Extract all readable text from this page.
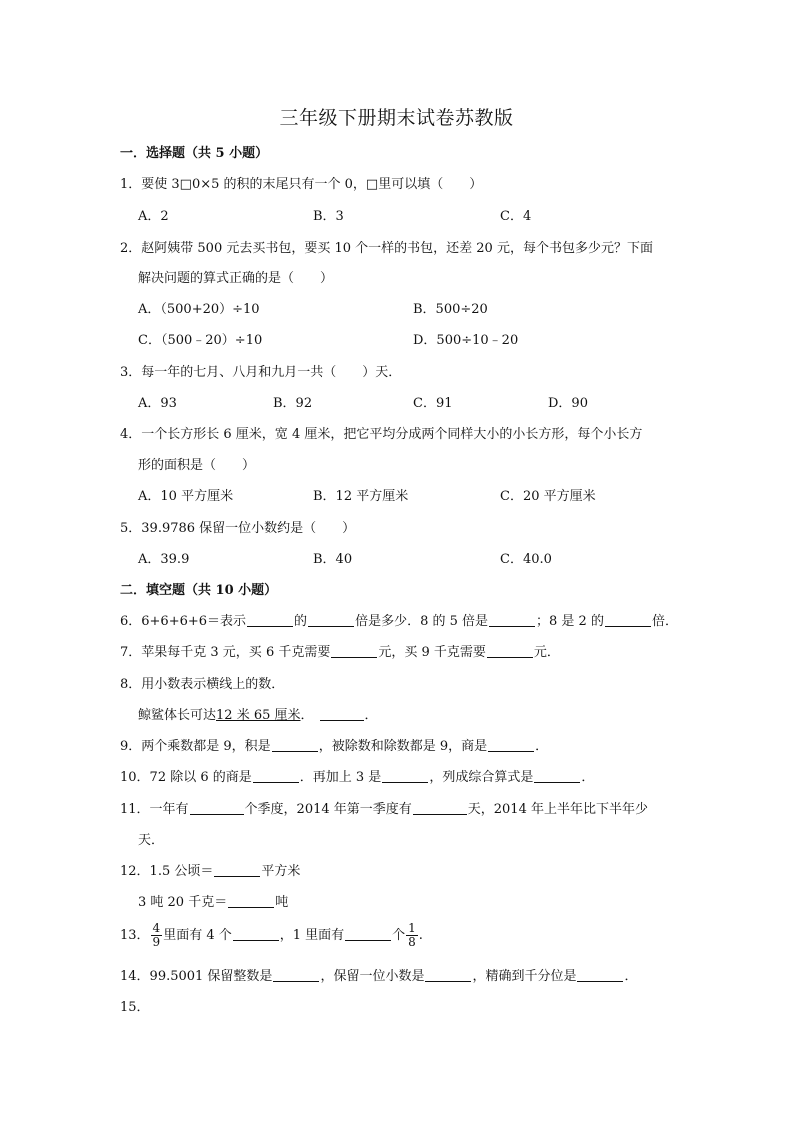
三年级下册期末试卷苏教版
一．选择题（共 5 小题）
1．要使 3□0×5 的积的末尾只有一个 0，□里可以填（　　）
A．2	B．3	C．4
2．赵阿姨带 500 元去买书包，要买 10 个一样的书包，还差 20 元，每个书包多少元？下面
解决问题的算式正确的是（　　）
A．（500+20）÷10	B．500÷20
C．（500﹣20）÷10	D．500÷10﹣20
3．每一年的七月、八月和九月一共（　　）天．
A．93	B．92	C．91	D．90
4．一个长方形长 6 厘米，宽 4 厘米，把它平均分成两个同样大小的小长方形，每个小长方
形的面积是（　　）
A．10 平方厘米	B．12 平方厘米	C．20 平方厘米
5．39.9786 保留一位小数约是（　　）
A．39.9	B．40	C．40.0
二．填空题（共 10 小题）
6．6+6+6+6＝表示	的	倍是多少．8 的 5 倍是	；8 是 2 的	倍．
7．苹果每千克 3 元，买 6 千克需要	元，买 9 千克需要	元．
8．用小数表示横线上的数．
鲸鲨体长可达12 米 65 厘米．	．
9．两个乘数都是 9，积是	，被除数和除数都是 9，商是	．
10．72 除以 6 的商是	．再加上 3 是	，列成综合算式是	．
11．一年有	个季度，2014 年第一季度有	天，2014 年上半年比下半年少
天．
12．1.5 公顷＝	平方米
3 吨 20 千克＝	吨
13． $\frac{4}{9}$ 里面有 4 个	，1 里面有	个 $\frac{1}{8}$ .
14．99.5001 保留整数是	，保留一位小数是	，精确到千分位是	．
15．
